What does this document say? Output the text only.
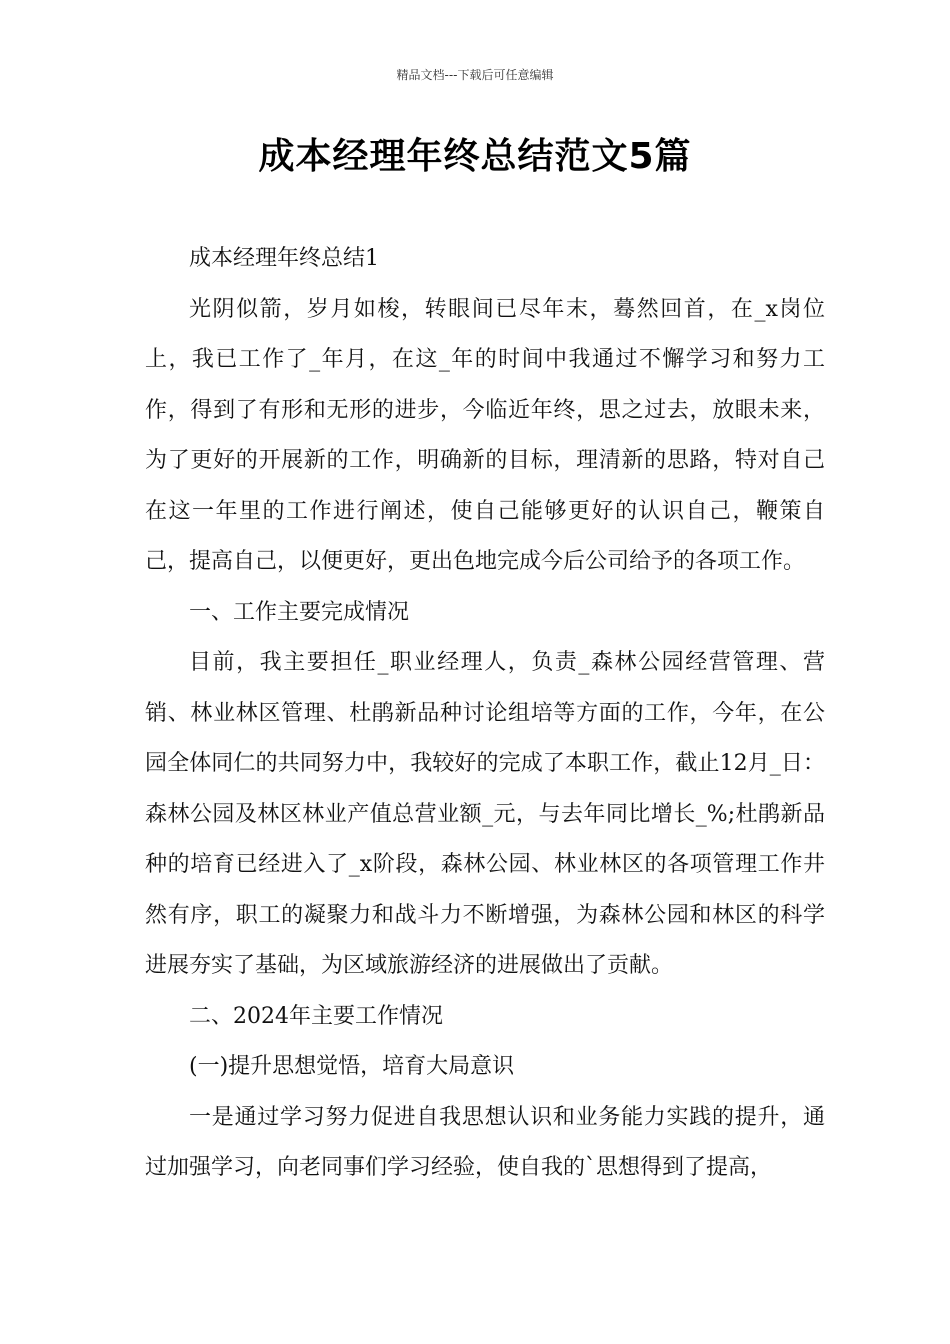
精品文档---下载后可任意编辑
成本经理年终总结范文5篇

成本经理年终总结1

光阴似箭，岁月如梭，转眼间已尽年末，蓦然回首，在_x岗位上，我已工作了_年月，在这_年的时间中我通过不懈学习和努力工作，得到了有形和无形的进步，今临近年终，思之过去，放眼未来，为了更好的开展新的工作，明确新的目标，理清新的思路，特对自己在这一年里的工作进行阐述，使自己能够更好的认识自己，鞭策自己，提高自己，以便更好，更出色地完成今后公司给予的各项工作。

一、工作主要完成情况

目前，我主要担任_职业经理人，负责_森林公园经营管理、营销、林业林区管理、杜鹃新品种讨论组培等方面的工作，今年，在公园全体同仁的共同努力中，我较好的完成了本职工作，截止12月_日：森林公园及林区林业产值总营业额_元，与去年同比增长_%;杜鹃新品种的培育已经进入了_x阶段，森林公园、林业林区的各项管理工作井然有序，职工的凝聚力和战斗力不断增强，为森林公园和林区的科学进展夯实了基础，为区域旅游经济的进展做出了贡献。

二、2024年主要工作情况

(一)提升思想觉悟，培育大局意识

一是通过学习努力促进自我思想认识和业务能力实践的提升，通过加强学习，向老同事们学习经验，使自我的`思想得到了提高，
